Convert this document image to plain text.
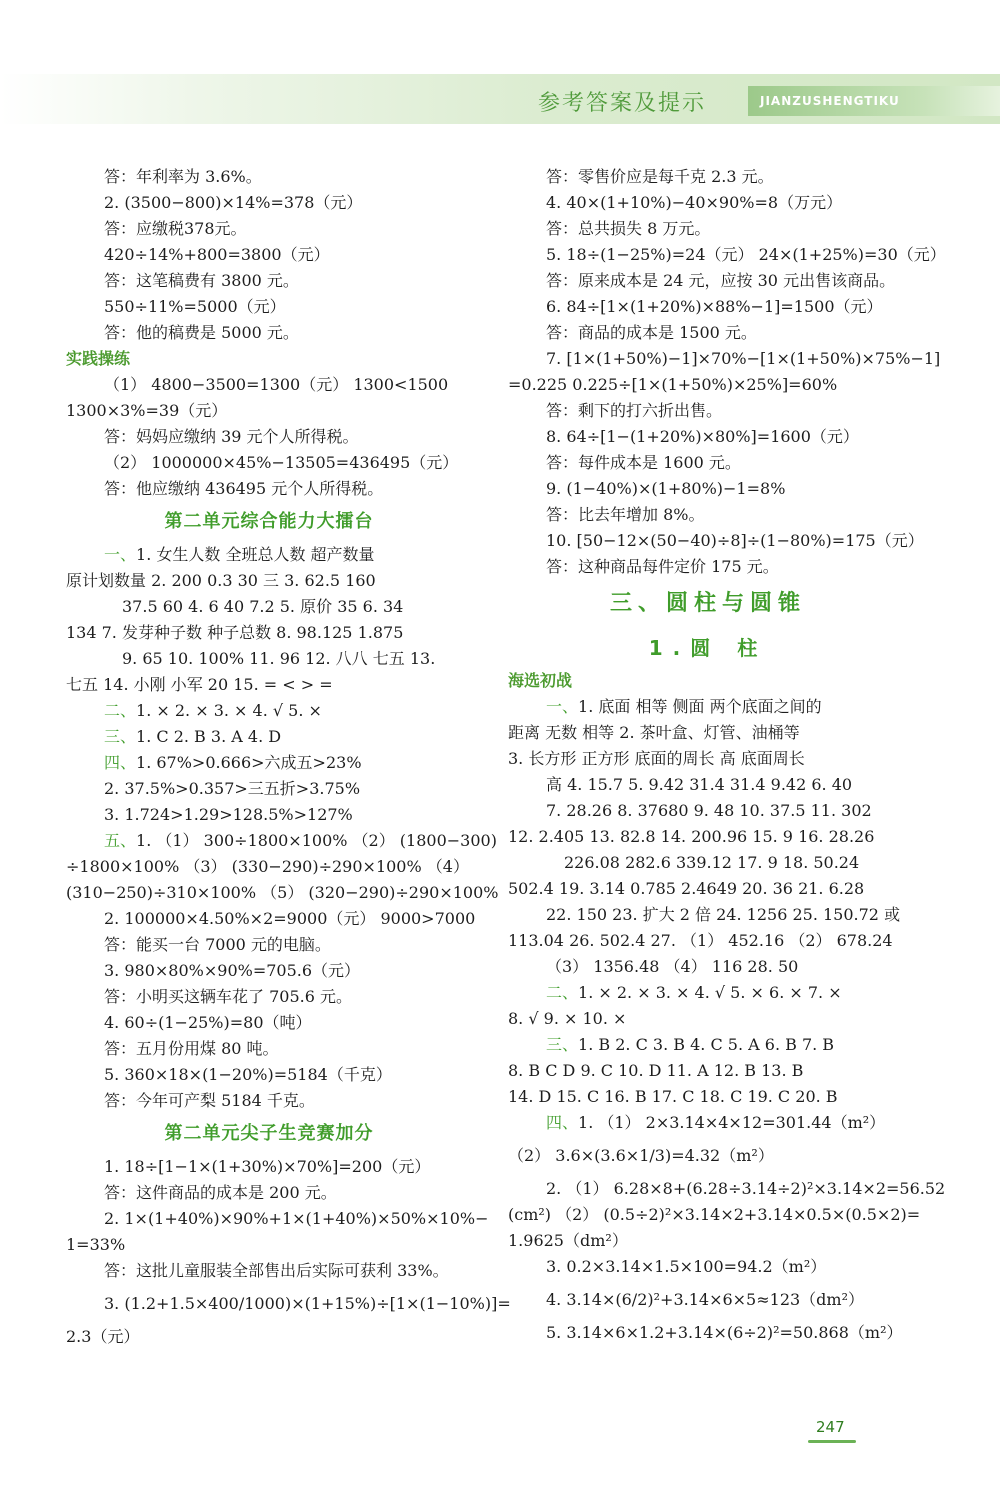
参考答案及提示	JIANZUSHENGTIKU
答：年利率为 3.6%。
2. (3500−800)×14%=378（元）
答：应缴税378元。
420÷14%+800=3800（元）
答：这笔稿费有 3800 元。
550÷11%=5000（元）
答：他的稿费是 5000 元。
实践操练
（1） 4800−3500=1300（元） 1300<1500
1300×3%=39（元）
答：妈妈应缴纳 39 元个人所得税。
（2） 1000000×45%−13505=436495（元）
答：他应缴纳 436495 元个人所得税。
第二单元综合能力大擂台
一、1. 女生人数 全班总人数 超产数量
原计划数量 2. 200 0.3 30 三 3. 62.5 160
37.5 60 4. 6 40 7.2 5. 原价 35 6. 34
134 7. 发芽种子数 种子总数 8. 98.125 1.875
9. 65 10. 100% 11. 96 12. 八八 七五 13.
七五 14. 小刚 小军 20 15. = < > =
二、1. × 2. × 3. × 4. √ 5. ×
三、1. C 2. B 3. A 4. D
四、1. 67%>0.666>六成五>23%
2. 37.5%>0.357>三五折>3.75%
3. 1.724>1.29>128.5%>127%
五、1. （1） 300÷1800×100% （2） (1800−300)
÷1800×100% （3） (330−290)÷290×100% （4）
(310−250)÷310×100% （5） (320−290)÷290×100%
2. 100000×4.50%×2=9000（元） 9000>7000
答：能买一台 7000 元的电脑。
3. 980×80%×90%=705.6（元）
答：小明买这辆车花了 705.6 元。
4. 60÷(1−25%)=80（吨）
答：五月份用煤 80 吨。
5. 360×18×(1−20%)=5184（千克）
答：今年可产梨 5184 千克。
第二单元尖子生竞赛加分
1. 18÷[1−1×(1+30%)×70%]=200（元）
答：这件商品的成本是 200 元。
2. 1×(1+40%)×90%+1×(1+40%)×50%×10%−
1=33%
答：这批儿童服装全部售出后实际可获利 33%。
3. (1.2+1.5×400/1000)×(1+15%)÷[1×(1−10%)]=
2.3（元）
答：零售价应是每千克 2.3 元。
4. 40×(1+10%)−40×90%=8（万元）
答：总共损失 8 万元。
5. 18÷(1−25%)=24（元） 24×(1+25%)=30（元）
答：原来成本是 24 元，应按 30 元出售该商品。
6. 84÷[1×(1+20%)×88%−1]=1500（元）
答：商品的成本是 1500 元。
7. [1×(1+50%)−1]×70%−[1×(1+50%)×75%−1]
=0.225 0.225÷[1×(1+50%)×25%]=60%
答：剩下的打六折出售。
8. 64÷[1−(1+20%)×80%]=1600（元）
答：每件成本是 1600 元。
9. (1−40%)×(1+80%)−1=8%
答：比去年增加 8%。
10. [50−12×(50−40)÷8]÷(1−80%)=175（元）
答：这种商品每件定价 175 元。
三、圆柱与圆锥
1.圆 柱
海选初战
一、1. 底面 相等 侧面 两个底面之间的
距离 无数 相等 2. 茶叶盒、灯管、油桶等
3. 长方形 正方形 底面的周长 高 底面周长
高 4. 15.7 5. 9.42 31.4 31.4 9.42 6. 40
7. 28.26 8. 37680 9. 48 10. 37.5 11. 302
12. 2.405 13. 82.8 14. 200.96 15. 9 16. 28.26
226.08 282.6 339.12 17. 9 18. 50.24
502.4 19. 3.14 0.785 2.4649 20. 36 21. 6.28
22. 150 23. 扩大 2 倍 24. 1256 25. 150.72 或
113.04 26. 502.4 27. （1） 452.16 （2） 678.24
（3） 1356.48 （4） 116 28. 50
二、1. × 2. × 3. × 4. √ 5. × 6. × 7. ×
8. √ 9. × 10. ×
三、1. B 2. C 3. B 4. C 5. A 6. B 7. B
8. B C D 9. C 10. D 11. A 12. B 13. B
14. D 15. C 16. B 17. C 18. C 19. C 20. B
四、1. （1） 2×3.14×4×12=301.44（m²）
（2） 3.6×(3.6×1/3)=4.32（m²）
2. （1） 6.28×8+(6.28÷3.14÷2)²×3.14×2=56.52
(cm²) （2） (0.5÷2)²×3.14×2+3.14×0.5×(0.5×2)=
1.9625（dm²）
3. 0.2×3.14×1.5×100=94.2（m²）
4. 3.14×(6/2)²+3.14×6×5≈123（dm²）
5. 3.14×6×1.2+3.14×(6÷2)²=50.868（m²）
247
